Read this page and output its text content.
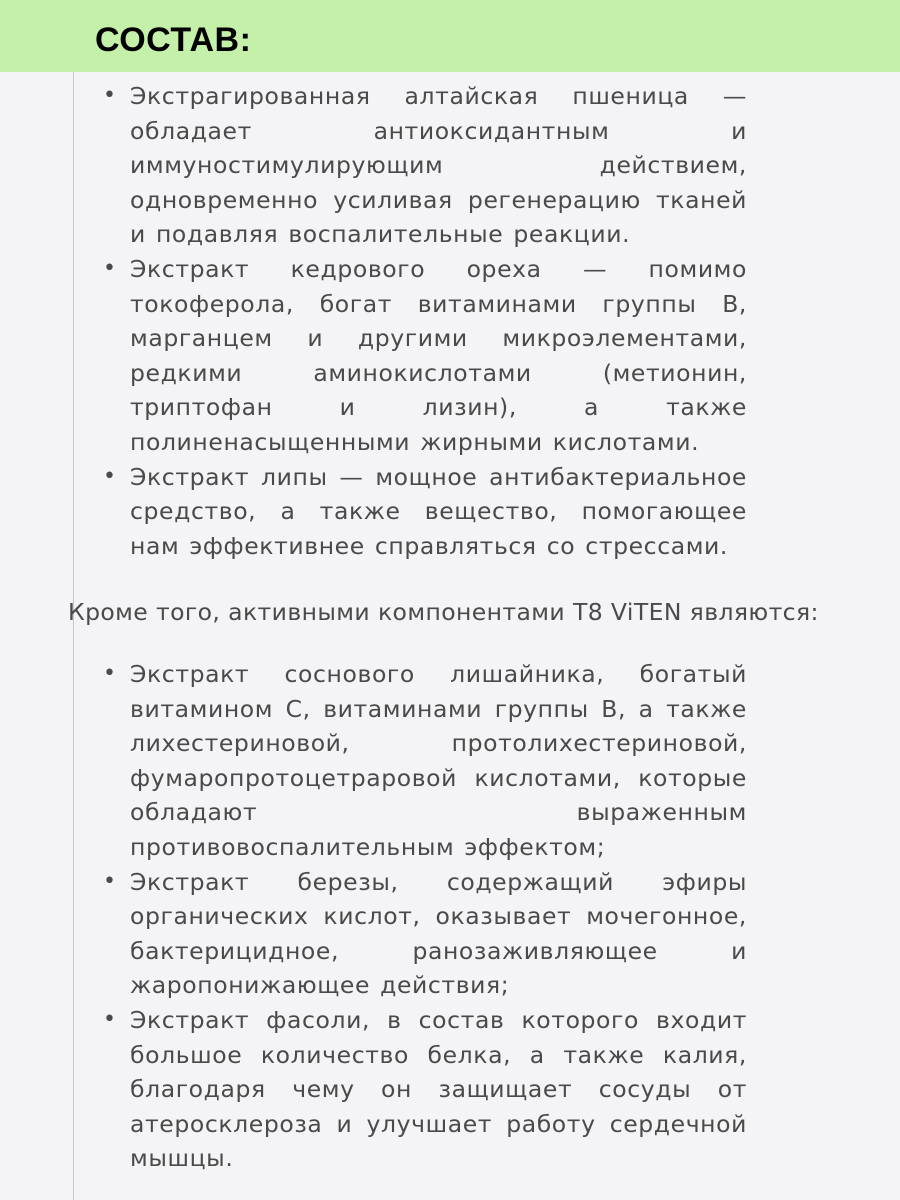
СОСТАВ:
• Экстрагированная алтайская пшеница — обладает антиоксидантным и иммуностимулирующим действием, одновременно усиливая регенерацию тканей и подавляя воспалительные реакции.
• Экстракт кедрового ореха — помимо токоферола, богат витаминами группы В, марганцем и другими микроэлементами, редкими аминокислотами (метионин, триптофан и лизин), а также полиненасыщенными жирными кислотами.
• Экстракт липы — мощное антибактериальное средство, а также вещество, помогающее нам эффективнее справляться со стрессами.

Кроме того, активными компонентами Т8 ViTEN являются:

• Экстракт соснового лишайника, богатый витамином С, витаминами группы В, а также лихестериновой, протолихестериновой, фумаропротоцетраровой кислотами, которые обладают выраженным противовоспалительным эффектом;
• Экстракт березы, содержащий эфиры органических кислот, оказывает мочегонное, бактерицидное, ранозаживляющее и жаропонижающее действия;
• Экстракт фасоли, в состав которого входит большое количество белка, а также калия, благодаря чему он защищает сосуды от атеросклероза и улучшает работу сердечной мышцы.
